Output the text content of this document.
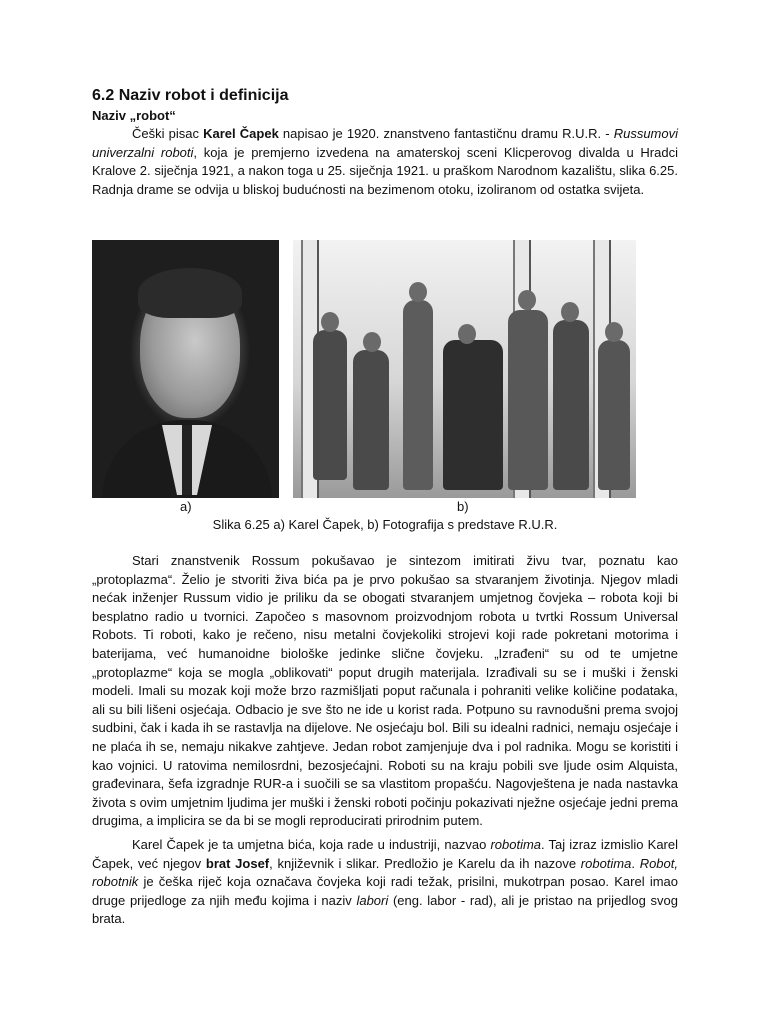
6.2 Naziv robot i definicija
Naziv „robot“

Češki pisac Karel Čapek napisao je 1920. znanstveno fantastičnu dramu R.U.R. - Russumovi univerzalni roboti, koja je premjerno izvedena na amaterskoj sceni Klicperovog divalda u Hradci Kralove 2. siječnja 1921, a nakon toga u 25. siječnja 1921. u praškom Narodnom kazalištu, slika 6.25. Radnja drame se odvija u bliskoj budućnosti na bezimenom otoku, izoliranom od ostatka svijeta.

a)	b)
Slika 6.25 a) Karel Čapek, b) Fotografija s predstave R.U.R.

Stari znanstvenik Rossum pokušavao je sintezom imitirati živu tvar, poznatu kao „protoplazma“. Želio je stvoriti živa bića pa je prvo pokušao sa stvaranjem životinja. Njegov mladi nećak inženjer Russum vidio je priliku da se obogati stvaranjem umjetnog čovjeka – robota koji bi besplatno radio u tvornici. Započeo s masovnom proizvodnjom robota u tvrtki Rossum Universal Robots. Ti roboti, kako je rečeno, nisu metalni čovjekoliki strojevi koji rade pokretani motorima i baterijama, već humanoidne biološke jedinke slične čovjeku. „Izrađeni“ su od te umjetne „protoplazme“ koja se mogla „oblikovati“ poput drugih materijala. Izrađivali su se i muški i ženski modeli. Imali su mozak koji može brzo razmišljati poput računala i pohraniti velike količine podataka, ali su bili lišeni osjećaja. Odbacio je sve što ne ide u korist rada. Potpuno su ravnodušni prema svojoj sudbini, čak i kada ih se rastavlja na dijelove. Ne osjećaju bol. Bili su idealni radnici, nemaju osjećaje i ne plaća ih se, nemaju nikakve zahtjeve. Jedan robot zamjenjuje dva i pol radnika. Mogu se koristiti i kao vojnici. U ratovima nemilosrdni, bezosjećajni. Roboti su na kraju pobili sve ljude osim Alquista, građevinara, šefa izgradnje RUR-a i suočili se sa vlastitom propašću. Nagovještena je nada nastavka života s ovim umjetnim ljudima jer muški i ženski roboti počinju pokazivati nježne osjećaje jedni prema drugima, a implicira se da bi se mogli reproducirati prirodnim putem.

Karel Čapek je ta umjetna bića, koja rade u industriji, nazvao robotima. Taj izraz izmislio Karel Čapek, već njegov brat Josef, književnik i slikar. Predložio je Karelu da ih nazove robotima. Robot, robotnik je češka riječ koja označava čovjeka koji radi težak, prisilni, mukotrpan posao. Karel imao druge prijedloge za njih među kojima i naziv labori (eng. labor - rad), ali je pristao na prijedlog svog brata.
